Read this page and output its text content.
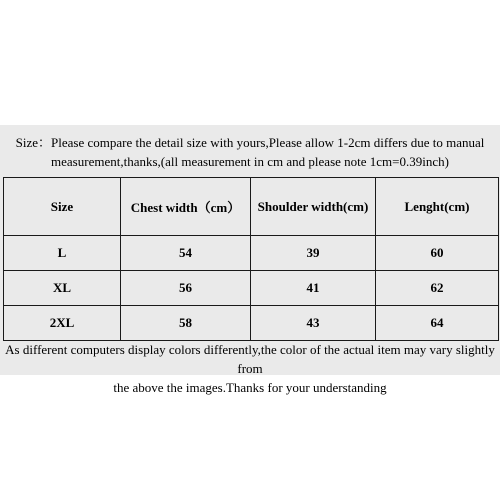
Size：Please compare the detail size with yours,Please allow 1-2cm differs due to manual
measurement,thanks,(all measurement in cm and please note 1cm=0.39inch)
Size	Chest width（cm）	Shoulder width(cm)	Lenght(cm)
L	54	39	60
XL	56	41	62
2XL	58	43	64
As different computers display colors differently,the color of the actual item may vary slightly from
the above the images.Thanks for your understanding
